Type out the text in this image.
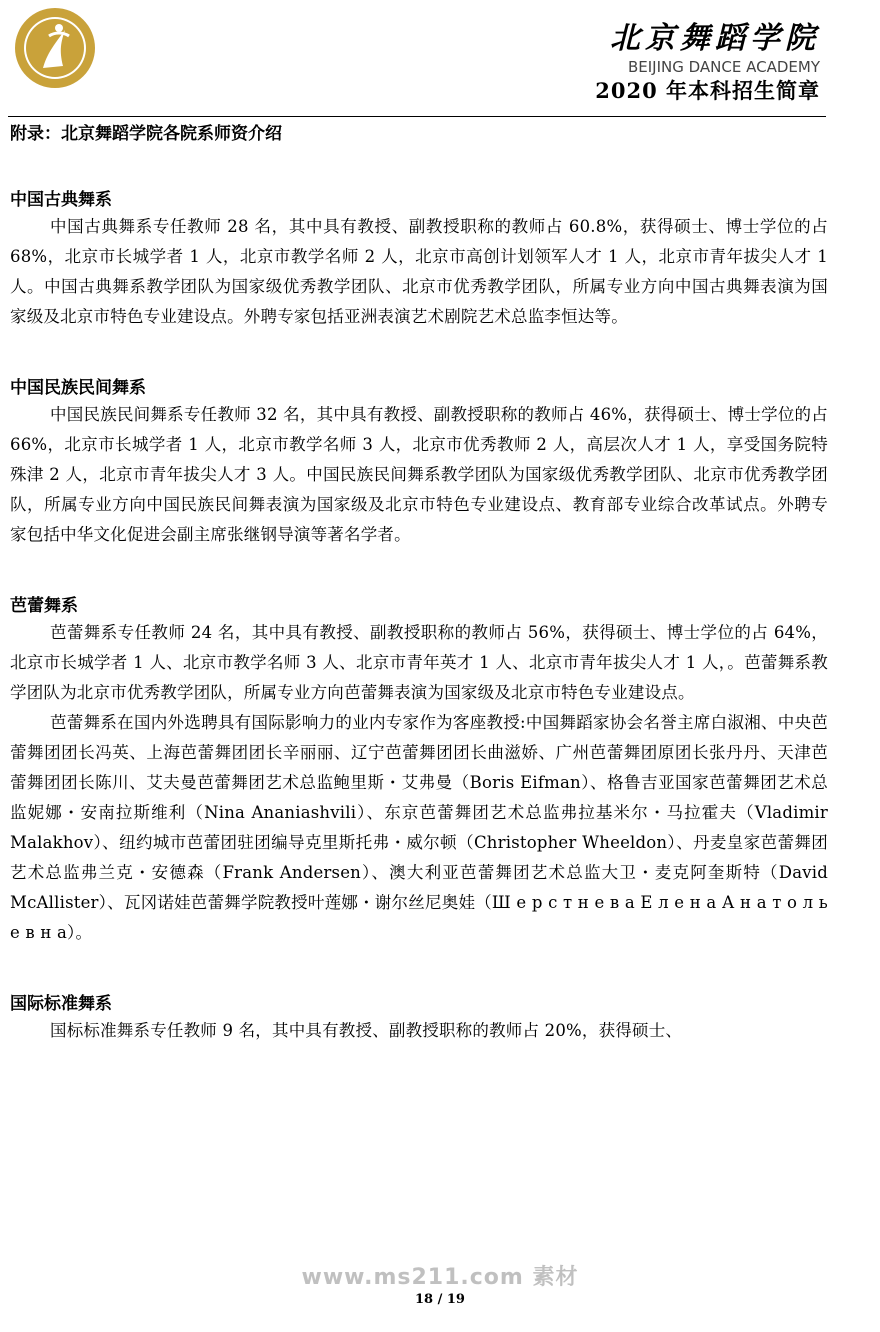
北京舞蹈学院
BEIJING DANCE ACADEMY
2020 年本科招生简章
附录：北京舞蹈学院各院系师资介绍
中国古典舞系

中国古典舞系专任教师 28 名，其中具有教授、副教授职称的教师占 60.8%，获得硕士、博士学位的占 68%，北京市长城学者 1 人，北京市教学名师 2 人，北京市高创计划领军人才 1 人，北京市青年拔尖人才 1 人。中国古典舞系教学团队为国家级优秀教学团队、北京市优秀教学团队，所属专业方向中国古典舞表演为国家级及北京市特色专业建设点。外聘专家包括亚洲表演艺术剧院艺术总监李恒达等。

中国民族民间舞系

中国民族民间舞系专任教师 32 名，其中具有教授、副教授职称的教师占 46%，获得硕士、博士学位的占 66%，北京市长城学者 1 人，北京市教学名师 3 人，北京市优秀教师 2 人，高层次人才 1 人，享受国务院特殊津 2 人，北京市青年拔尖人才 3 人。中国民族民间舞系教学团队为国家级优秀教学团队、北京市优秀教学团队，所属专业方向中国民族民间舞表演为国家级及北京市特色专业建设点、教育部专业综合改革试点。外聘专家包括中华文化促进会副主席张继钢导演等著名学者。

芭蕾舞系

芭蕾舞系专任教师 24 名，其中具有教授、副教授职称的教师占 56%，获得硕士、博士学位的占 64%，北京市长城学者 1 人、北京市教学名师 3 人、北京市青年英才 1 人、北京市青年拔尖人才 1 人，。芭蕾舞系教学团队为北京市优秀教学团队，所属专业方向芭蕾舞表演为国家级及北京市特色专业建设点。

芭蕾舞系在国内外选聘具有国际影响力的业内专家作为客座教授:中国舞蹈家协会名誉主席白淑湘、中央芭蕾舞团团长冯英、上海芭蕾舞团团长辛丽丽、辽宁芭蕾舞团团长曲滋娇、广州芭蕾舞团原团长张丹丹、天津芭蕾舞团团长陈川、艾夫曼芭蕾舞团艺术总监鲍里斯・艾弗曼（Boris Eifman）、格鲁吉亚国家芭蕾舞团艺术总监妮娜・安南拉斯维利（Nina Ananiashvili）、东京芭蕾舞团艺术总监弗拉基米尔・马拉霍夫（Vladimir Malakhov）、纽约城市芭蕾团驻团编导克里斯托弗・威尔顿（Christopher Wheeldon）、丹麦皇家芭蕾舞团艺术总监弗兰克・安德森（Frank Andersen）、澳大利亚芭蕾舞团艺术总监大卫・麦克阿奎斯特（David McAllister）、瓦冈诺娃芭蕾舞学院教授叶莲娜・谢尔丝尼奥娃（Ш е р с т н е в а Е л е н а А н а т о л ь е в н а）。

国际标准舞系

国标标准舞系专任教师 9 名，其中具有教授、副教授职称的教师占 20%，获得硕士、

www.ms211.com 素材
18 / 19
